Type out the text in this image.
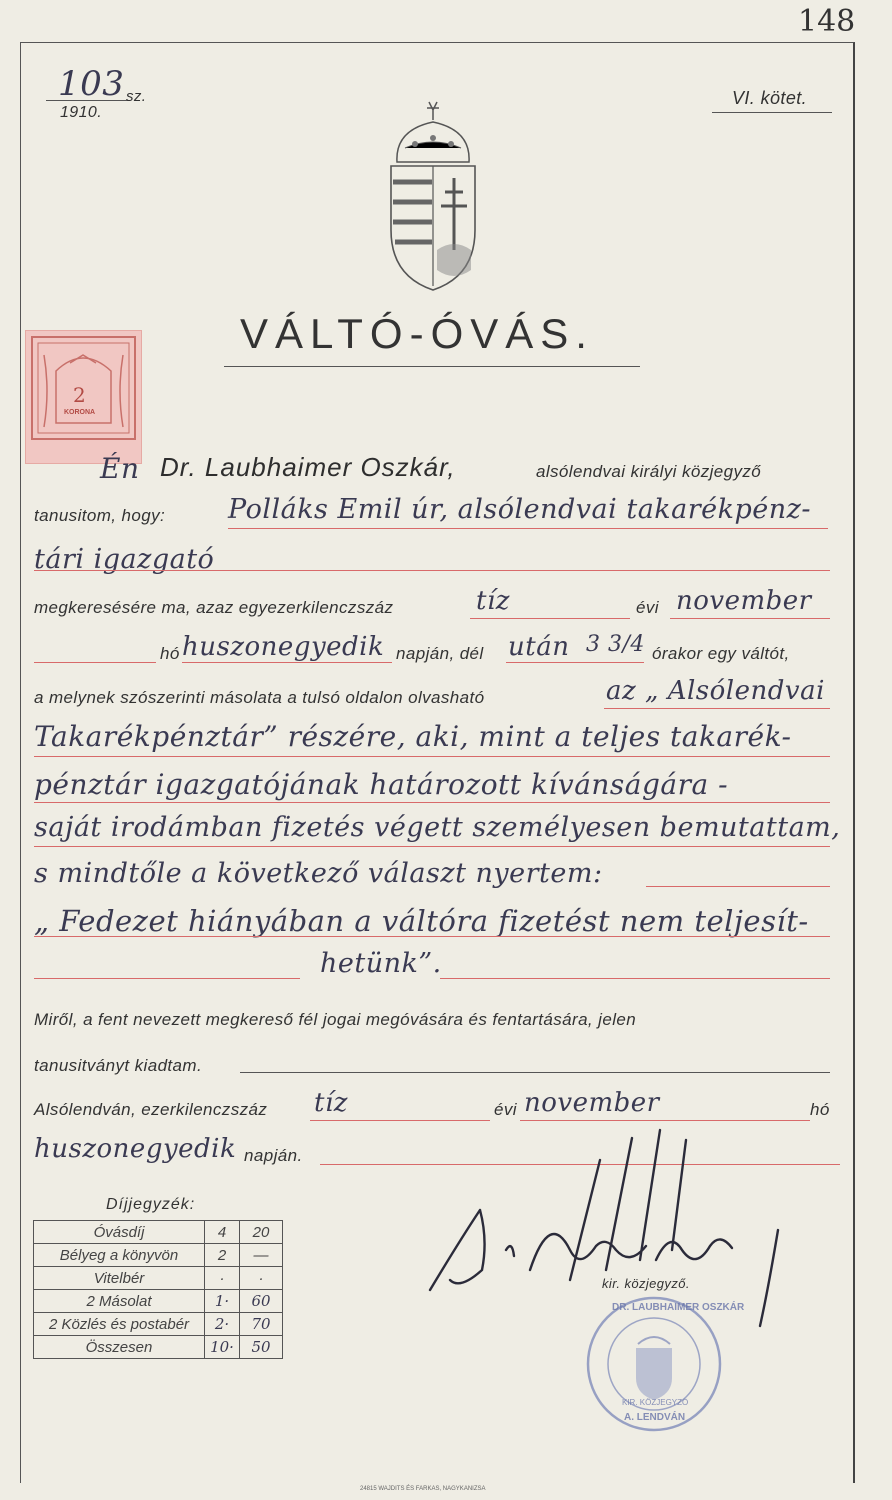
148
103 sz.
1910.
VI. kötet.
VÁLTÓ-ÓVÁS.
2
KORONA
Én Dr. Laubhaimer Oszkár,	alsólendvai királyi közjegyző
tanusitom, hogy: Polláks Emil úr, alsólendvai takarékpénz-
tári igazgató
megkeresésére ma, azaz egyezerkilenczszáz	tíz	évi november
hó huszonegyedik napján, dél után 3 3/4 órakor egy váltót,
a melynek szószerinti másolata a tulsó oldalon olvasható	az „ Alsólendvai
Takarékpénztár” részére, aki, mint a teljes takarék-
pénztár igazgatójának határozott kívánságára -
saját irodámban fizetés végett személyesen bemutattam,
s mindtőle a következő választ nyertem:
„ Fedezet hiányában a váltóra fizetést nem teljesít-
hetünk”.
Miről, a fent nevezett megkereső fél jogai megóvására és fentartására, jelen
tanusitványt kiadtam.
Alsólendván, ezerkilenczszáz tíz	évi november	hó
huszonegyedik napján.
Díjjegyzék:
Óvásdíj	4	20
Bélyeg a könyvön	2	—
Vitelbér	·	·
2 Másolat	1·	60
2 Közlés és postabér	2·	70
Összesen	10·	50
kir. közjegyző.
DR. LAUBHAIMER OSZKÁR
KIR. KÖZJEGYZŐ
A. LENDVÁN
24815 WAJDITS ÉS FARKAS, NAGYKANIZSA
